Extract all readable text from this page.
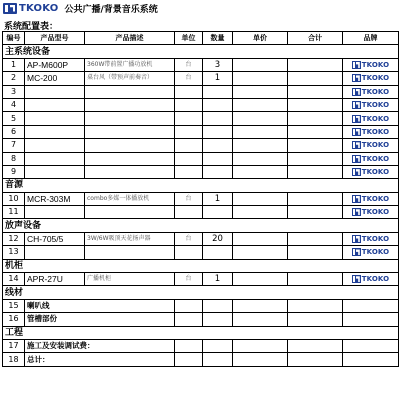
TKOKO 公共广播/背景音乐系统
系统配置表：
编号	产品型号	产品描述	单位	数量	单价	合计	品牌
主系统设备							
1	AP-M600P	360W带前置广播功放机	台	3			TKOKO

2	MC-200	桌台风（带预声前奏音）	台	1			TKOKO

3							TKOKO

4							TKOKO

5							TKOKO

6							TKOKO

7							TKOKO

8							TKOKO

9							TKOKO

音源							
10	MCR-303M	combo多媒一体播放机	台	1			TKOKO

11							TKOKO

放声设备							
12	CH-705/5	3W/6W吸顶天花扬声器	台	20			TKOKO

13							TKOKO

机柜							
14	APR-27U	广播机柜	台	1			TKOKO

线材							
15	喇叭线						
16	管槽部份						
工程							
17	施工及安装调试费：						
18	总计：						
